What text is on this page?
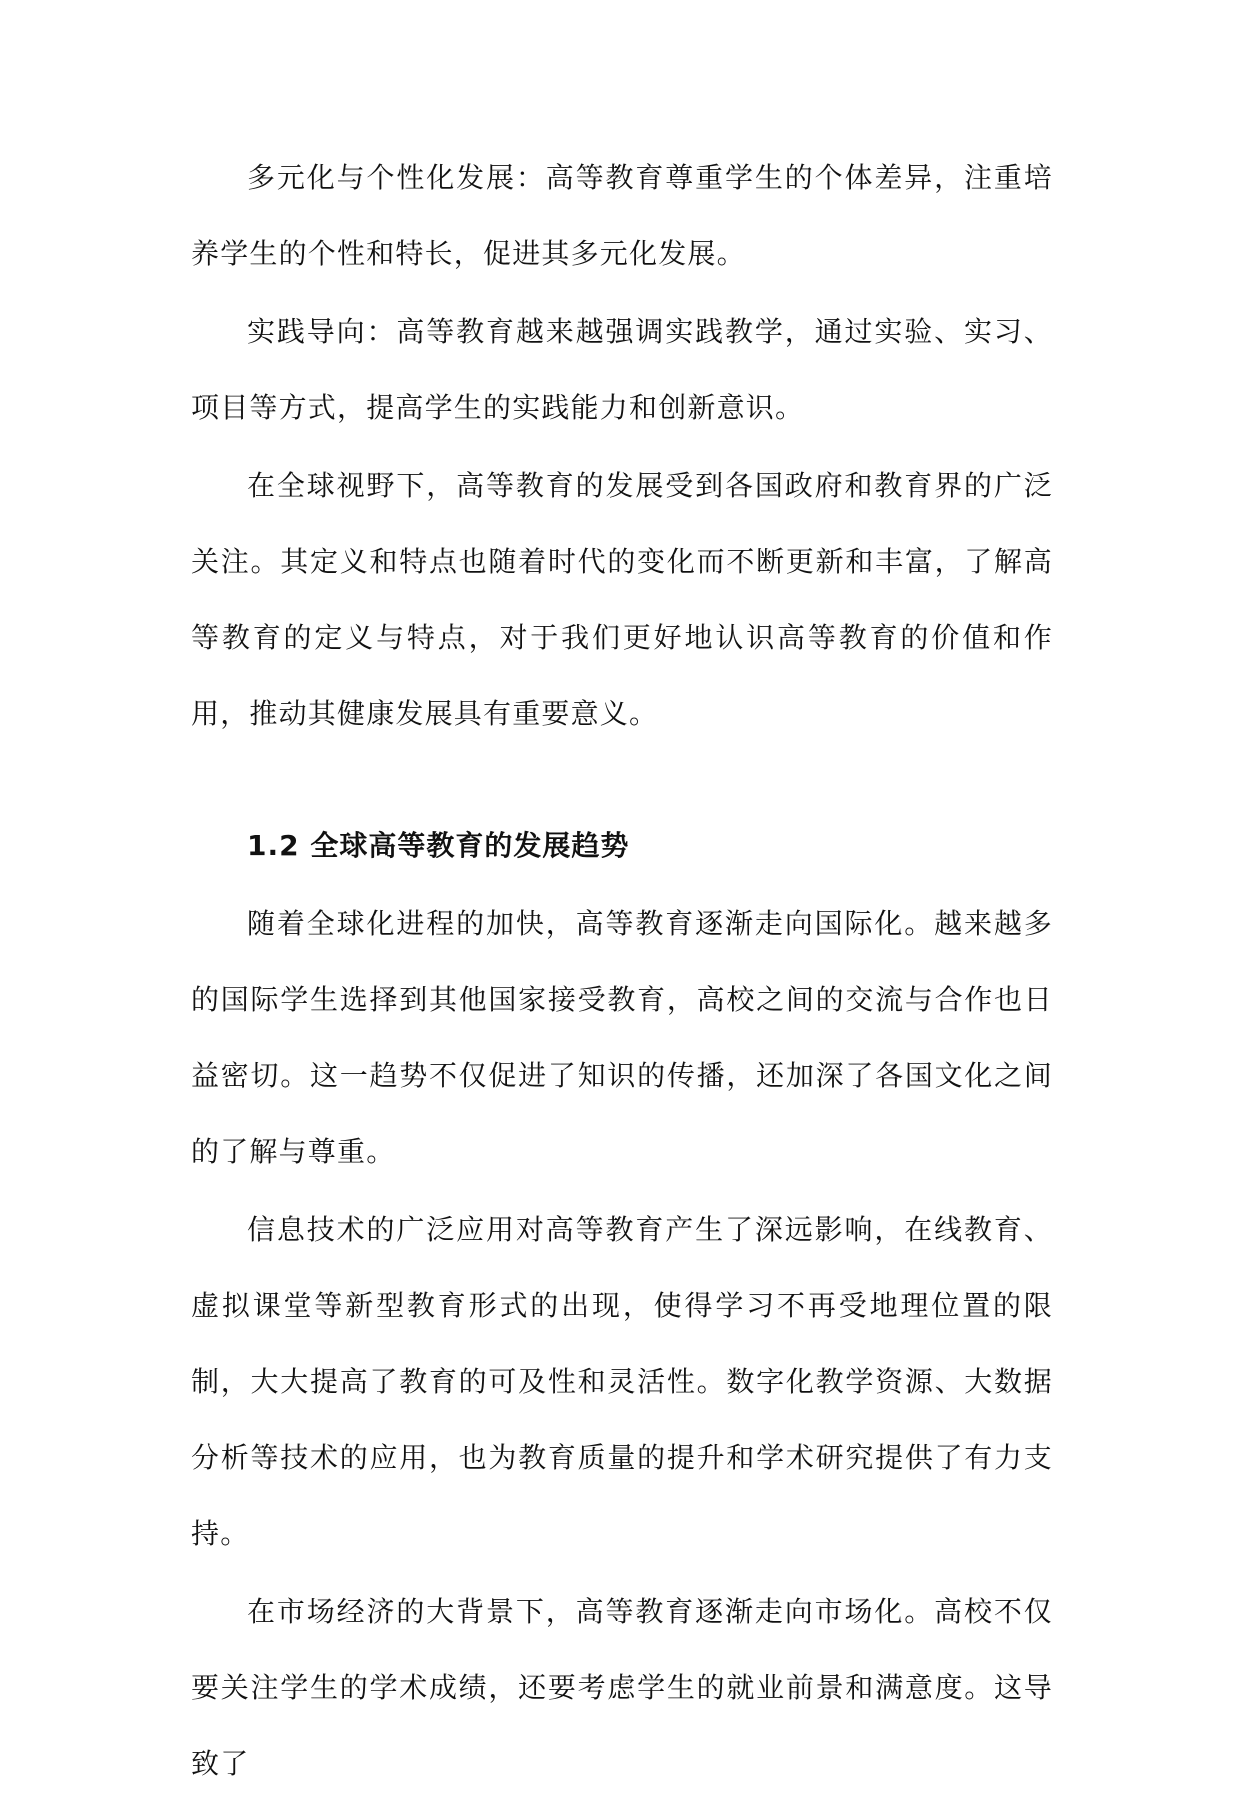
多元化与个性化发展：高等教育尊重学生的个体差异，注重培养学生的个性和特长，促进其多元化发展。

实践导向：高等教育越来越强调实践教学，通过实验、实习、项目等方式，提高学生的实践能力和创新意识。

在全球视野下，高等教育的发展受到各国政府和教育界的广泛关注。其定义和特点也随着时代的变化而不断更新和丰富，了解高等教育的定义与特点，对于我们更好地认识高等教育的价值和作用，推动其健康发展具有重要意义。

1.2 全球高等教育的发展趋势

随着全球化进程的加快，高等教育逐渐走向国际化。越来越多的国际学生选择到其他国家接受教育，高校之间的交流与合作也日益密切。这一趋势不仅促进了知识的传播，还加深了各国文化之间的了解与尊重。

信息技术的广泛应用对高等教育产生了深远影响，在线教育、虚拟课堂等新型教育形式的出现，使得学习不再受地理位置的限制，大大提高了教育的可及性和灵活性。数字化教学资源、大数据分析等技术的应用，也为教育质量的提升和学术研究提供了有力支持。

在市场经济的大背景下，高等教育逐渐走向市场化。高校不仅要关注学生的学术成绩，还要考虑学生的就业前景和满意度。这导致了
